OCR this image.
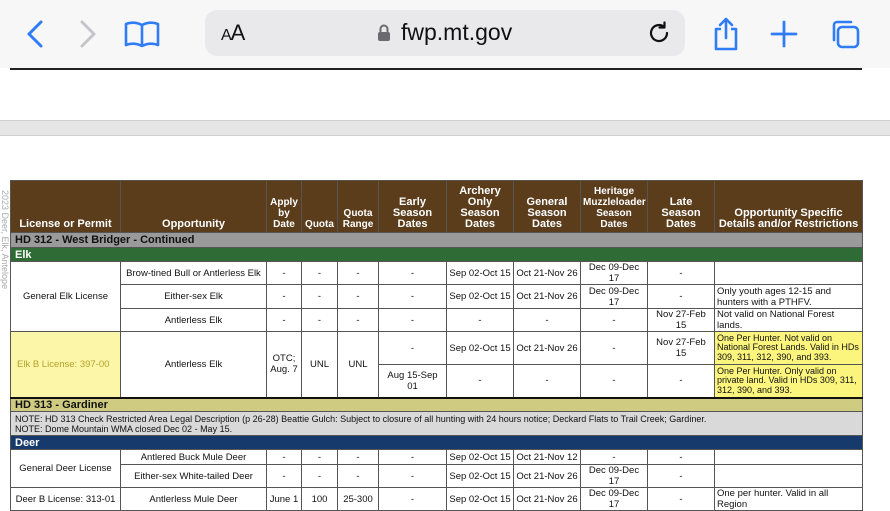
AA	fwp.mt.gov
2023 Deer, Elk, Antelope License or Permit	Opportunity	Apply by Date	Quota	Quota Range	Early Season Dates	Archery Only Season Dates	General Season Dates	Heritage Muzzleloader Season Dates	Late Season Dates	Opportunity Specific Details and/or Restrictions
HD 312 - West Bridger - Continued										
Elk										
General Elk License	Brow-tined Bull or Antlerless Elk	-	-	-	-	Sep 02-Oct 15	Oct 21-Nov 26	Dec 09-Dec 17	-	
	Either-sex Elk	-	-	-	-	Sep 02-Oct 15	Oct 21-Nov 26	Dec 09-Dec 17	-	Only youth ages 12-15 and hunters with a PTHFV.
	Antlerless Elk	-	-	-	-	-	-	-	Nov 27-Feb 15	Not valid on National Forest lands.
Elk B License: 397-00	Antlerless Elk	OTC; Aug. 7	UNL	UNL	-	Sep 02-Oct 15	Oct 21-Nov 26	-	Nov 27-Feb 15	One Per Hunter. Not valid on National Forest Lands. Valid in HDs 309, 311, 312, 390, and 393.
					Aug 15-Sep 01	-	-	-	-	One Per Hunter. Only valid on private land. Valid in HDs 309, 311, 312, 390, and 393.
HD 313 - Gardiner										

NOTE: HD 313 Check Restricted Area Legal Description (p 26-28) Beattie Gulch: Subject to closure of all hunting with 24 hours notice; Deckard Flats to Trail Creek; Gardiner.
NOTE: Dome Mountain WMA closed Dec 02 - May 15.										

Deer										
General Deer License	Antlered Buck Mule Deer	-	-	-	-	Sep 02-Oct 15	Oct 21-Nov 12	-	-	
	Either-sex White-tailed Deer	-	-	-	-	Sep 02-Oct 15	Oct 21-Nov 26	Dec 09-Dec 17	-	
Deer B License: 313-01	Antlerless Mule Deer	June 1	100	25-300	-	Sep 02-Oct 15	Oct 21-Nov 26	Dec 09-Dec 17	-	One per hunter. Valid in all Region
